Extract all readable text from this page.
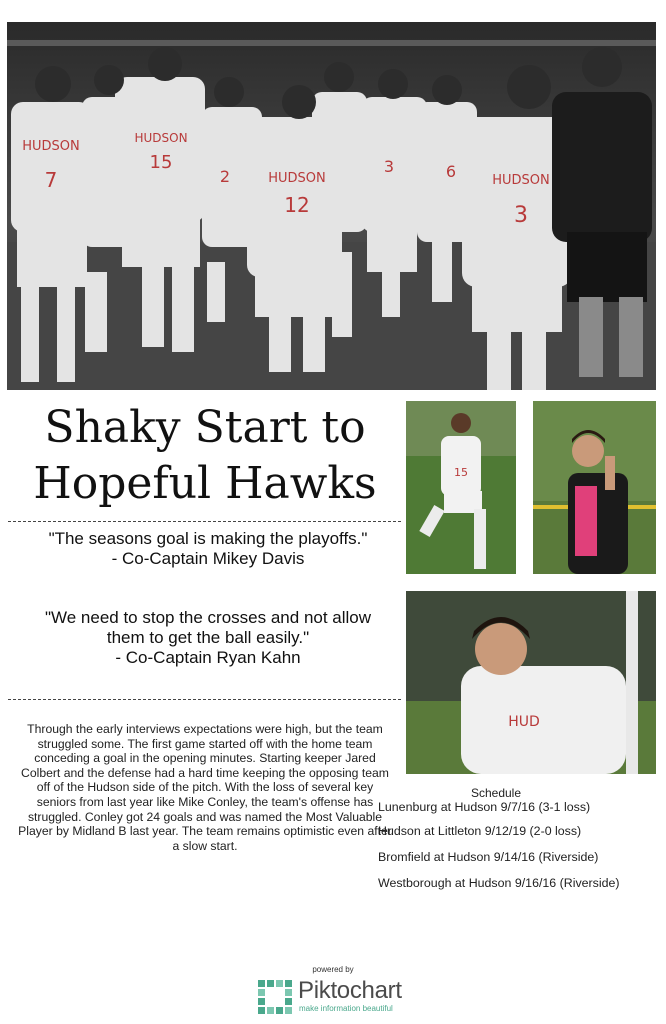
HUDSON
7
HUDSON
15
2	HUDSON
12
3	6	HUDSON
3
Shaky Start to
Hopeful Hawks	15
HUD
"The seasons goal is making the playoffs."
- Co-Captain Mikey Davis
"We need to stop the crosses and not allow them to get the ball easily."
- Co-Captain Ryan Kahn

Through the early interviews expectations were high, but the team struggled some. The first game started off with the home team conceding a goal in the opening minutes. Starting keeper Jared Colbert and the defense had a hard time keeping the opposing team off of the Hudson side of the pitch. With the loss of several key seniors from last year like Mike Conley, the team's offense has struggled. Conley got 24 goals and was named the Most Valuable Player by Midland B last year. The team remains optimistic even after a slow start.

Schedule
Lunenburg at Hudson 9/7/16 (3-1 loss)
Hudson at Littleton 9/12/19 (2-0 loss)
Bromfield at Hudson 9/14/16 (Riverside)
Westborough at Hudson 9/16/16 (Riverside)
powered by
Piktochart
make information beautiful
